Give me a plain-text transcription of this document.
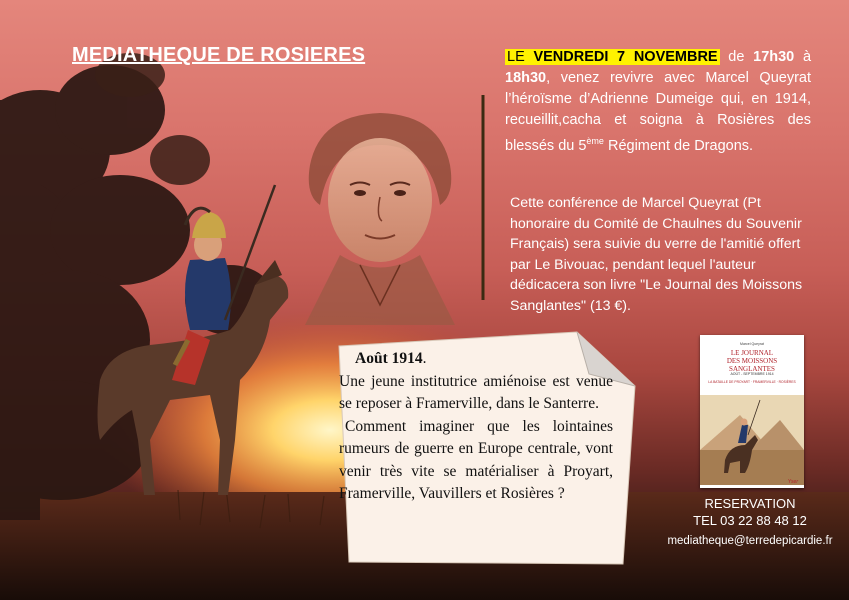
MEDIATHEQUE DE ROSIERES	LE VENDREDI 7 NOVEMBRE de 17h30 à 18h30, venez revivre avec Marcel Queyrat l’héroïsme d’Adrienne Dumeige qui, en 1914, recueillit,cacha et soigna à Rosières des blessés du 5ème Régiment de Dragons.
Cette conférence de Marcel Queyrat (Pt honoraire du Comité de Chaulnes du Souvenir Français) sera suivie du verre de l'amitié offert par Le Bivouac, pendant lequel l'auteur dédicacera son livre "Le Journal des Moissons Sanglantes" (13 €).
Août 1914.
Une jeune institutrice amiénoise est venue se reposer à Framerville, dans le Santerre.
Comment imaginer que les lointaines rumeurs de guerre en Europe centrale, vont venir très vite se matérialiser à Proyart, Framerville, Vauvillers et Rosières ?
Marcel Queyrat
LE JOURNAL
DES MOISSONS SANGLANTES
AOÛT - SEPTEMBRE 1914
LA BATAILLE DE PROYART · FRAMERVILLE · ROSIÈRES
Yser
RESERVATION
TEL 03 22 88 48 12
mediatheque@terredepicardie.fr
